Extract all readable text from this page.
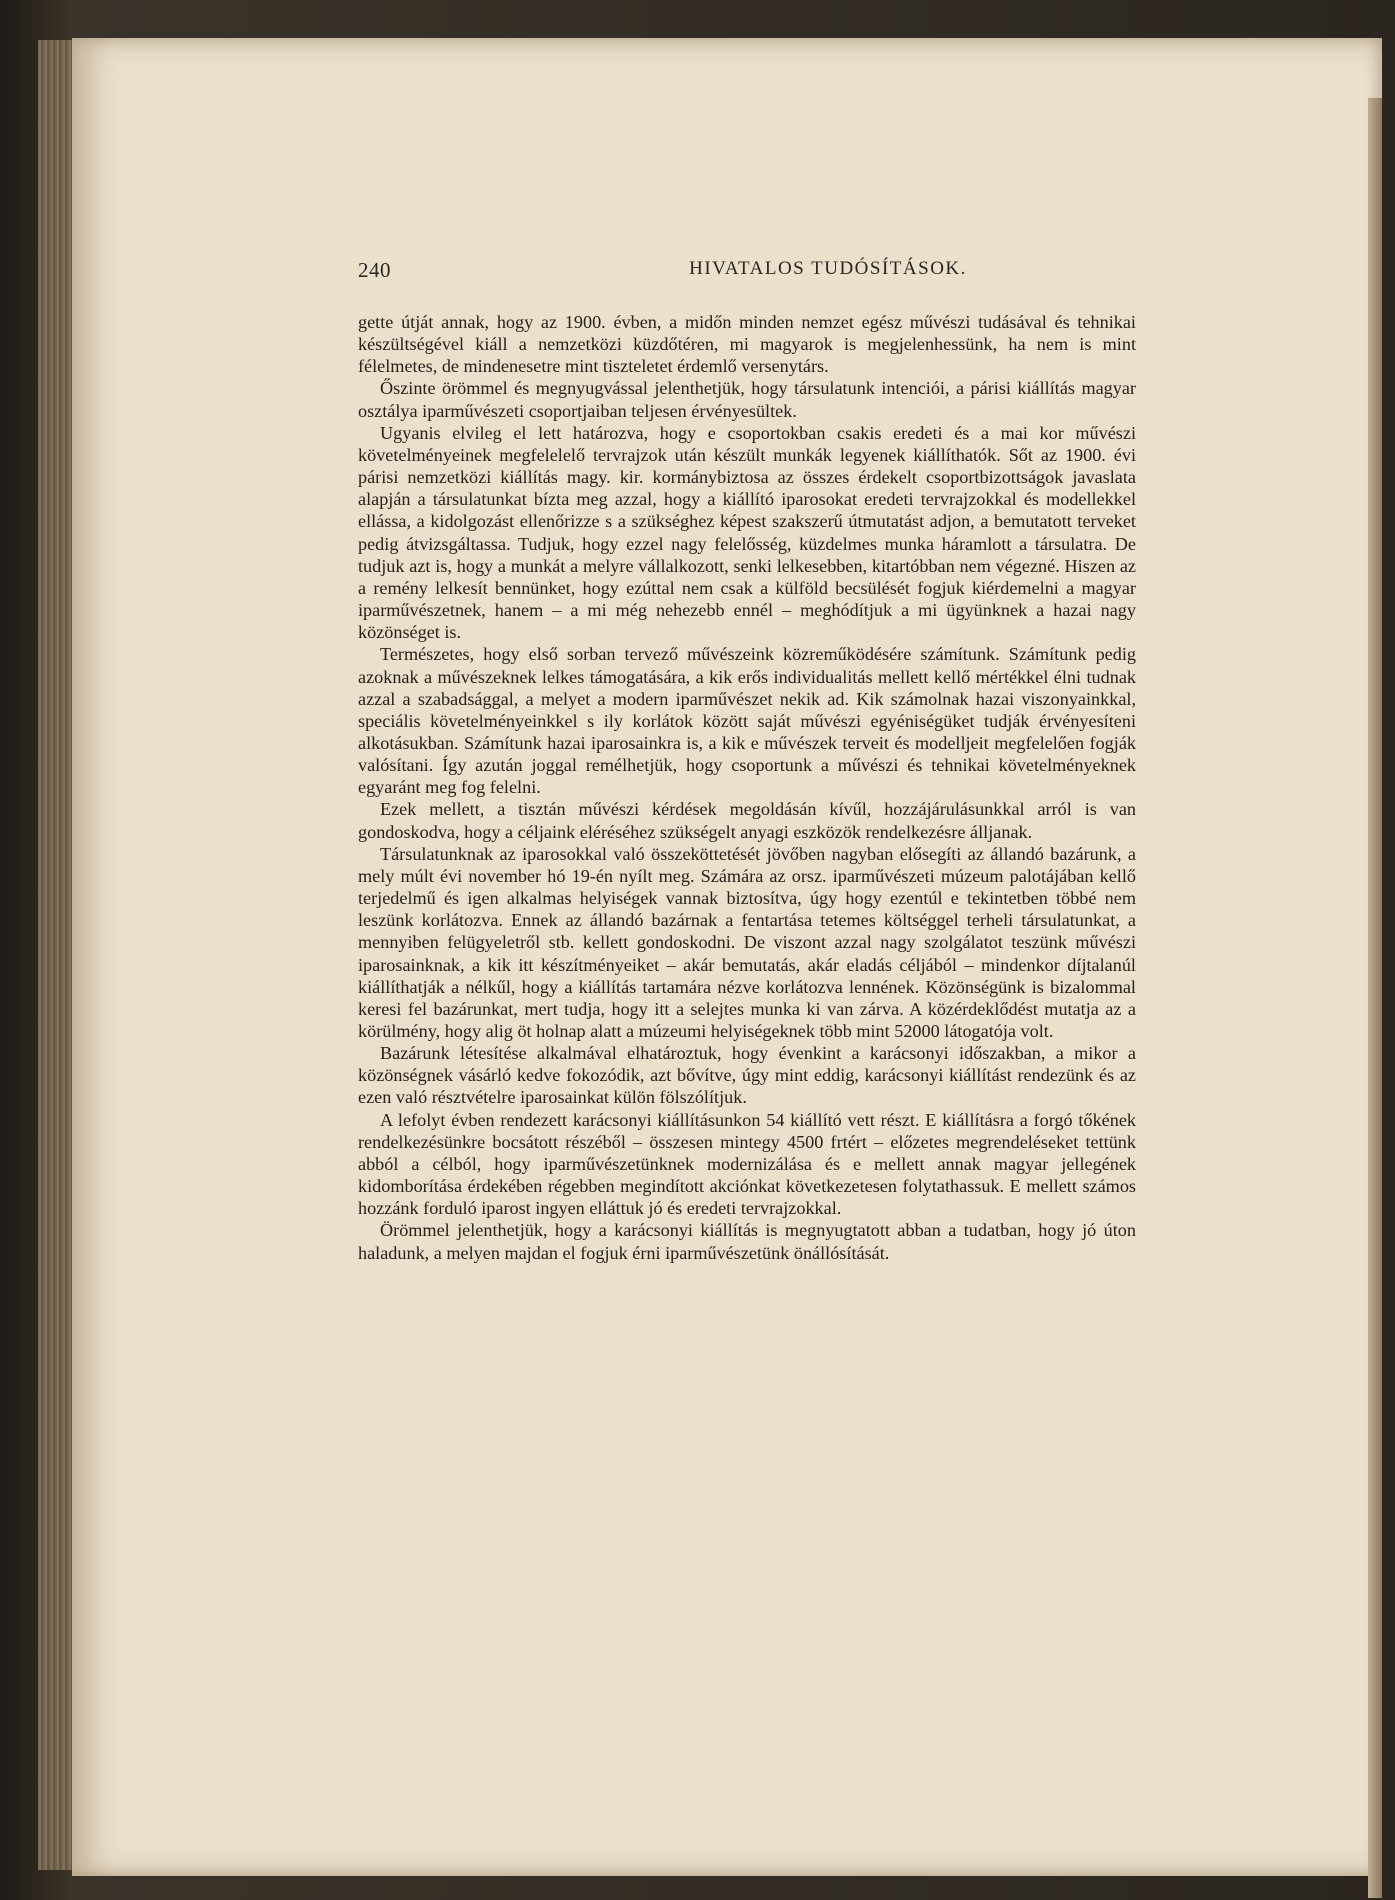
240	HIVATALOS TUDÓSÍTÁSOK.

gette útját annak, hogy az 1900. évben, a midőn minden nemzet egész művészi tudásával és tehnikai készültségével kiáll a nemzetközi küzdőtéren, mi magyarok is megjelenhessünk, ha nem is mint félelmetes, de mindenesetre mint tiszteletet érdemlő versenytárs.

Őszinte örömmel és megnyugvással jelenthetjük, hogy társulatunk intenciói, a párisi kiállítás magyar osztálya iparművészeti csoportjaiban teljesen érvényesültek.

Ugyanis elvileg el lett határozva, hogy e csoportokban csakis eredeti és a mai kor művészi követelményeinek megfelelelő tervrajzok után készült munkák legyenek kiállíthatók. Sőt az 1900. évi párisi nemzetközi kiállítás magy. kir. kormánybiztosa az összes érdekelt csoportbizottságok javaslata alapján a társulatunkat bízta meg azzal, hogy a kiállító iparosokat eredeti tervrajzokkal és modellekkel ellássa, a kidolgozást ellenőrizze s a szükséghez képest szakszerű útmutatást adjon, a bemutatott terveket pedig átvizsgáltassa. Tudjuk, hogy ezzel nagy felelősség, küzdelmes munka háramlott a társulatra. De tudjuk azt is, hogy a munkát a melyre vállalkozott, senki lelkesebben, kitartóbban nem végezné. Hiszen az a remény lelkesít bennünket, hogy ezúttal nem csak a külföld becsülését fogjuk kiérdemelni a magyar iparművészetnek, hanem – a mi még nehezebb ennél – meghódítjuk a mi ügyünknek a hazai nagy közönséget is.

Természetes, hogy első sorban tervező művészeink közreműködésére számítunk. Számítunk pedig azoknak a művészeknek lelkes támogatására, a kik erős individualitás mellett kellő mértékkel élni tudnak azzal a szabadsággal, a melyet a modern iparművészet nekik ad. Kik számolnak hazai viszonyainkkal, speciális követelményeinkkel s ily korlátok között saját művészi egyéniségüket tudják érvényesíteni alkotásukban. Számítunk hazai iparosainkra is, a kik e művészek terveit és modelljeit megfelelően fogják valósítani. Így azután joggal remélhetjük, hogy csoportunk a művészi és tehnikai követelményeknek egyaránt meg fog felelni.

Ezek mellett, a tisztán művészi kérdések megoldásán kívűl, hozzájárulásunkkal arról is van gondoskodva, hogy a céljaink eléréséhez szükségelt anyagi eszközök rendelkezésre álljanak.

Társulatunknak az iparosokkal való összeköttetését jövőben nagyban elősegíti az állandó bazárunk, a mely múlt évi november hó 19-én nyílt meg. Számára az orsz. iparművészeti múzeum palotájában kellő terjedelmű és igen alkalmas helyiségek vannak biztosítva, úgy hogy ezentúl e tekintetben többé nem leszünk korlátozva. Ennek az állandó bazárnak a fentartása tetemes költséggel terheli társulatunkat, a mennyiben felügyeletről stb. kellett gondoskodni. De viszont azzal nagy szolgálatot teszünk művészi iparosainknak, a kik itt készítményeiket – akár bemutatás, akár eladás céljából – mindenkor díjtalanúl kiállíthatják a nélkűl, hogy a kiállítás tartamára nézve korlátozva lennének. Közönségünk is bizalommal keresi fel bazárunkat, mert tudja, hogy itt a selejtes munka ki van zárva. A közérdeklődést mutatja az a körülmény, hogy alig öt holnap alatt a múzeumi helyiségeknek több mint 52000 látogatója volt.

Bazárunk létesítése alkalmával elhatároztuk, hogy évenkint a karácsonyi időszakban, a mikor a közönségnek vásárló kedve fokozódik, azt bővítve, úgy mint eddig, karácsonyi kiállítást rendezünk és az ezen való résztvételre iparosainkat külön fölszólítjuk.

A lefolyt évben rendezett karácsonyi kiállításunkon 54 kiállító vett részt. E kiállításra a forgó tőkének rendelkezésünkre bocsátott részéből – összesen mintegy 4500 frtért – előzetes megrendeléseket tettünk abból a célból, hogy iparművészetünknek modernizálása és e mellett annak magyar jellegének kidomborítása érdekében régebben megindított akciónkat következetesen folytathassuk. E mellett számos hozzánk forduló iparost ingyen elláttuk jó és eredeti tervrajzokkal.

Örömmel jelenthetjük, hogy a karácsonyi kiállítás is megnyugtatott abban a tudatban, hogy jó úton haladunk, a melyen majdan el fogjuk érni iparművészetünk önállósítását.
